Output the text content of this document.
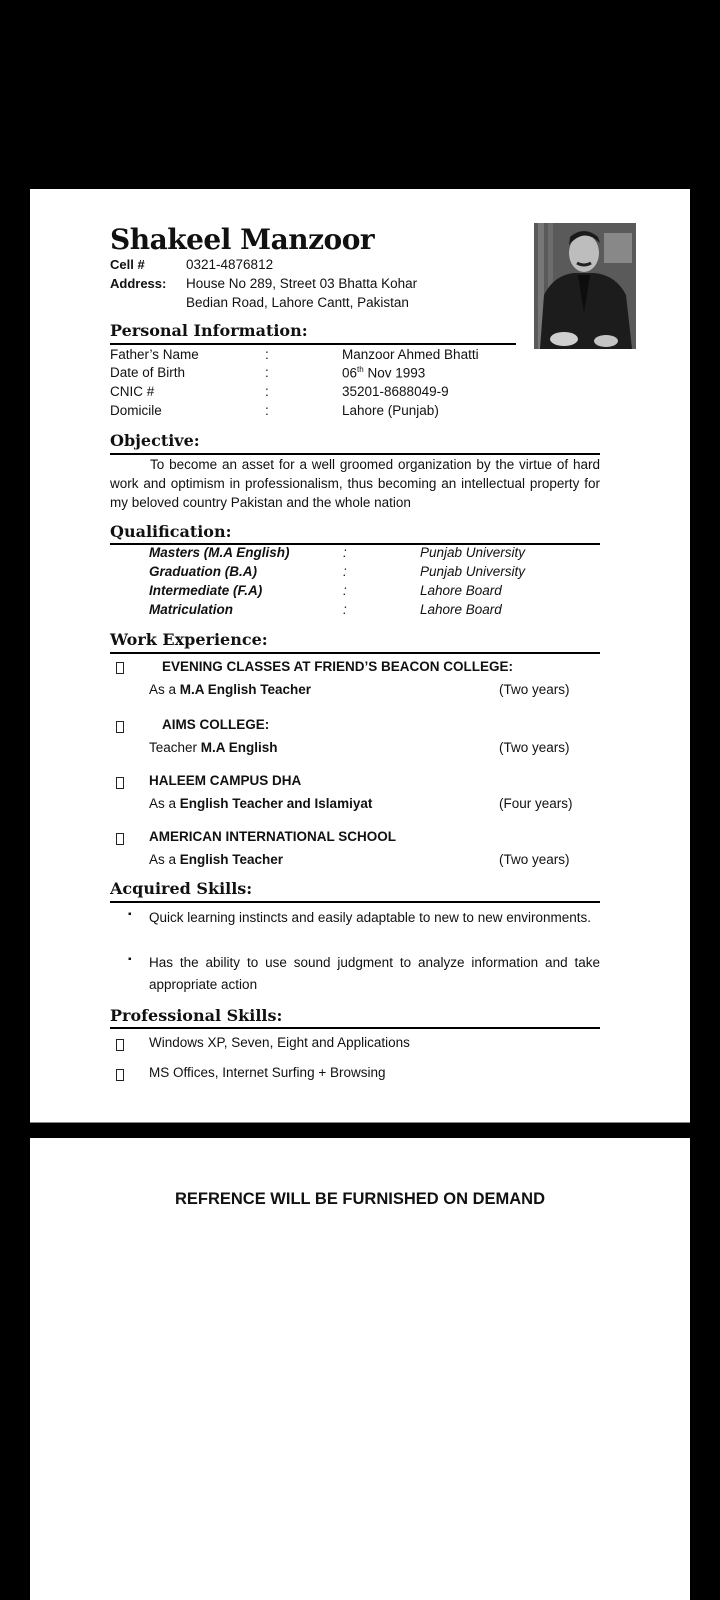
Shakeel Manzoor
Cell #	0321-4876812
Address: House No 289, Street 03 Bhatta Kohar
Bedian Road, Lahore Cantt, Pakistan
Personal Information:
Father’s Name	:	Manzoor Ahmed Bhatti
Date of Birth	:	06th Nov 1993
CNIC #	:	35201-8688049-9
Domicile	:	Lahore (Punjab)
Objective:
To become an asset for a well groomed organization by the virtue of hard work and optimism in professionalism, thus becoming an intellectual property for my beloved country Pakistan and the whole nation
Qualification:
Masters (M.A English)	:	Punjab University
Graduation (B.A)	:	Punjab University
Intermediate (F.A)	:	Lahore Board
Matriculation	:	Lahore Board
Work Experience:
EVENING CLASSES AT FRIEND’S BEACON COLLEGE:
As a M.A English Teacher	(Two years)
AIMS COLLEGE:
Teacher M.A English	(Two years)
HALEEM CAMPUS DHA
As a English Teacher and Islamiyat	(Four years)
AMERICAN INTERNATIONAL SCHOOL
As a English Teacher	(Two years)
Acquired Skills:
▪ Quick learning instincts and easily adaptable to new to new environments.
▪ Has the ability to use sound judgment to analyze information and take appropriate action
Professional Skills:
Windows XP, Seven, Eight and Applications
MS Offices, Internet Surfing + Browsing
REFRENCE WILL BE FURNISHED ON DEMAND
